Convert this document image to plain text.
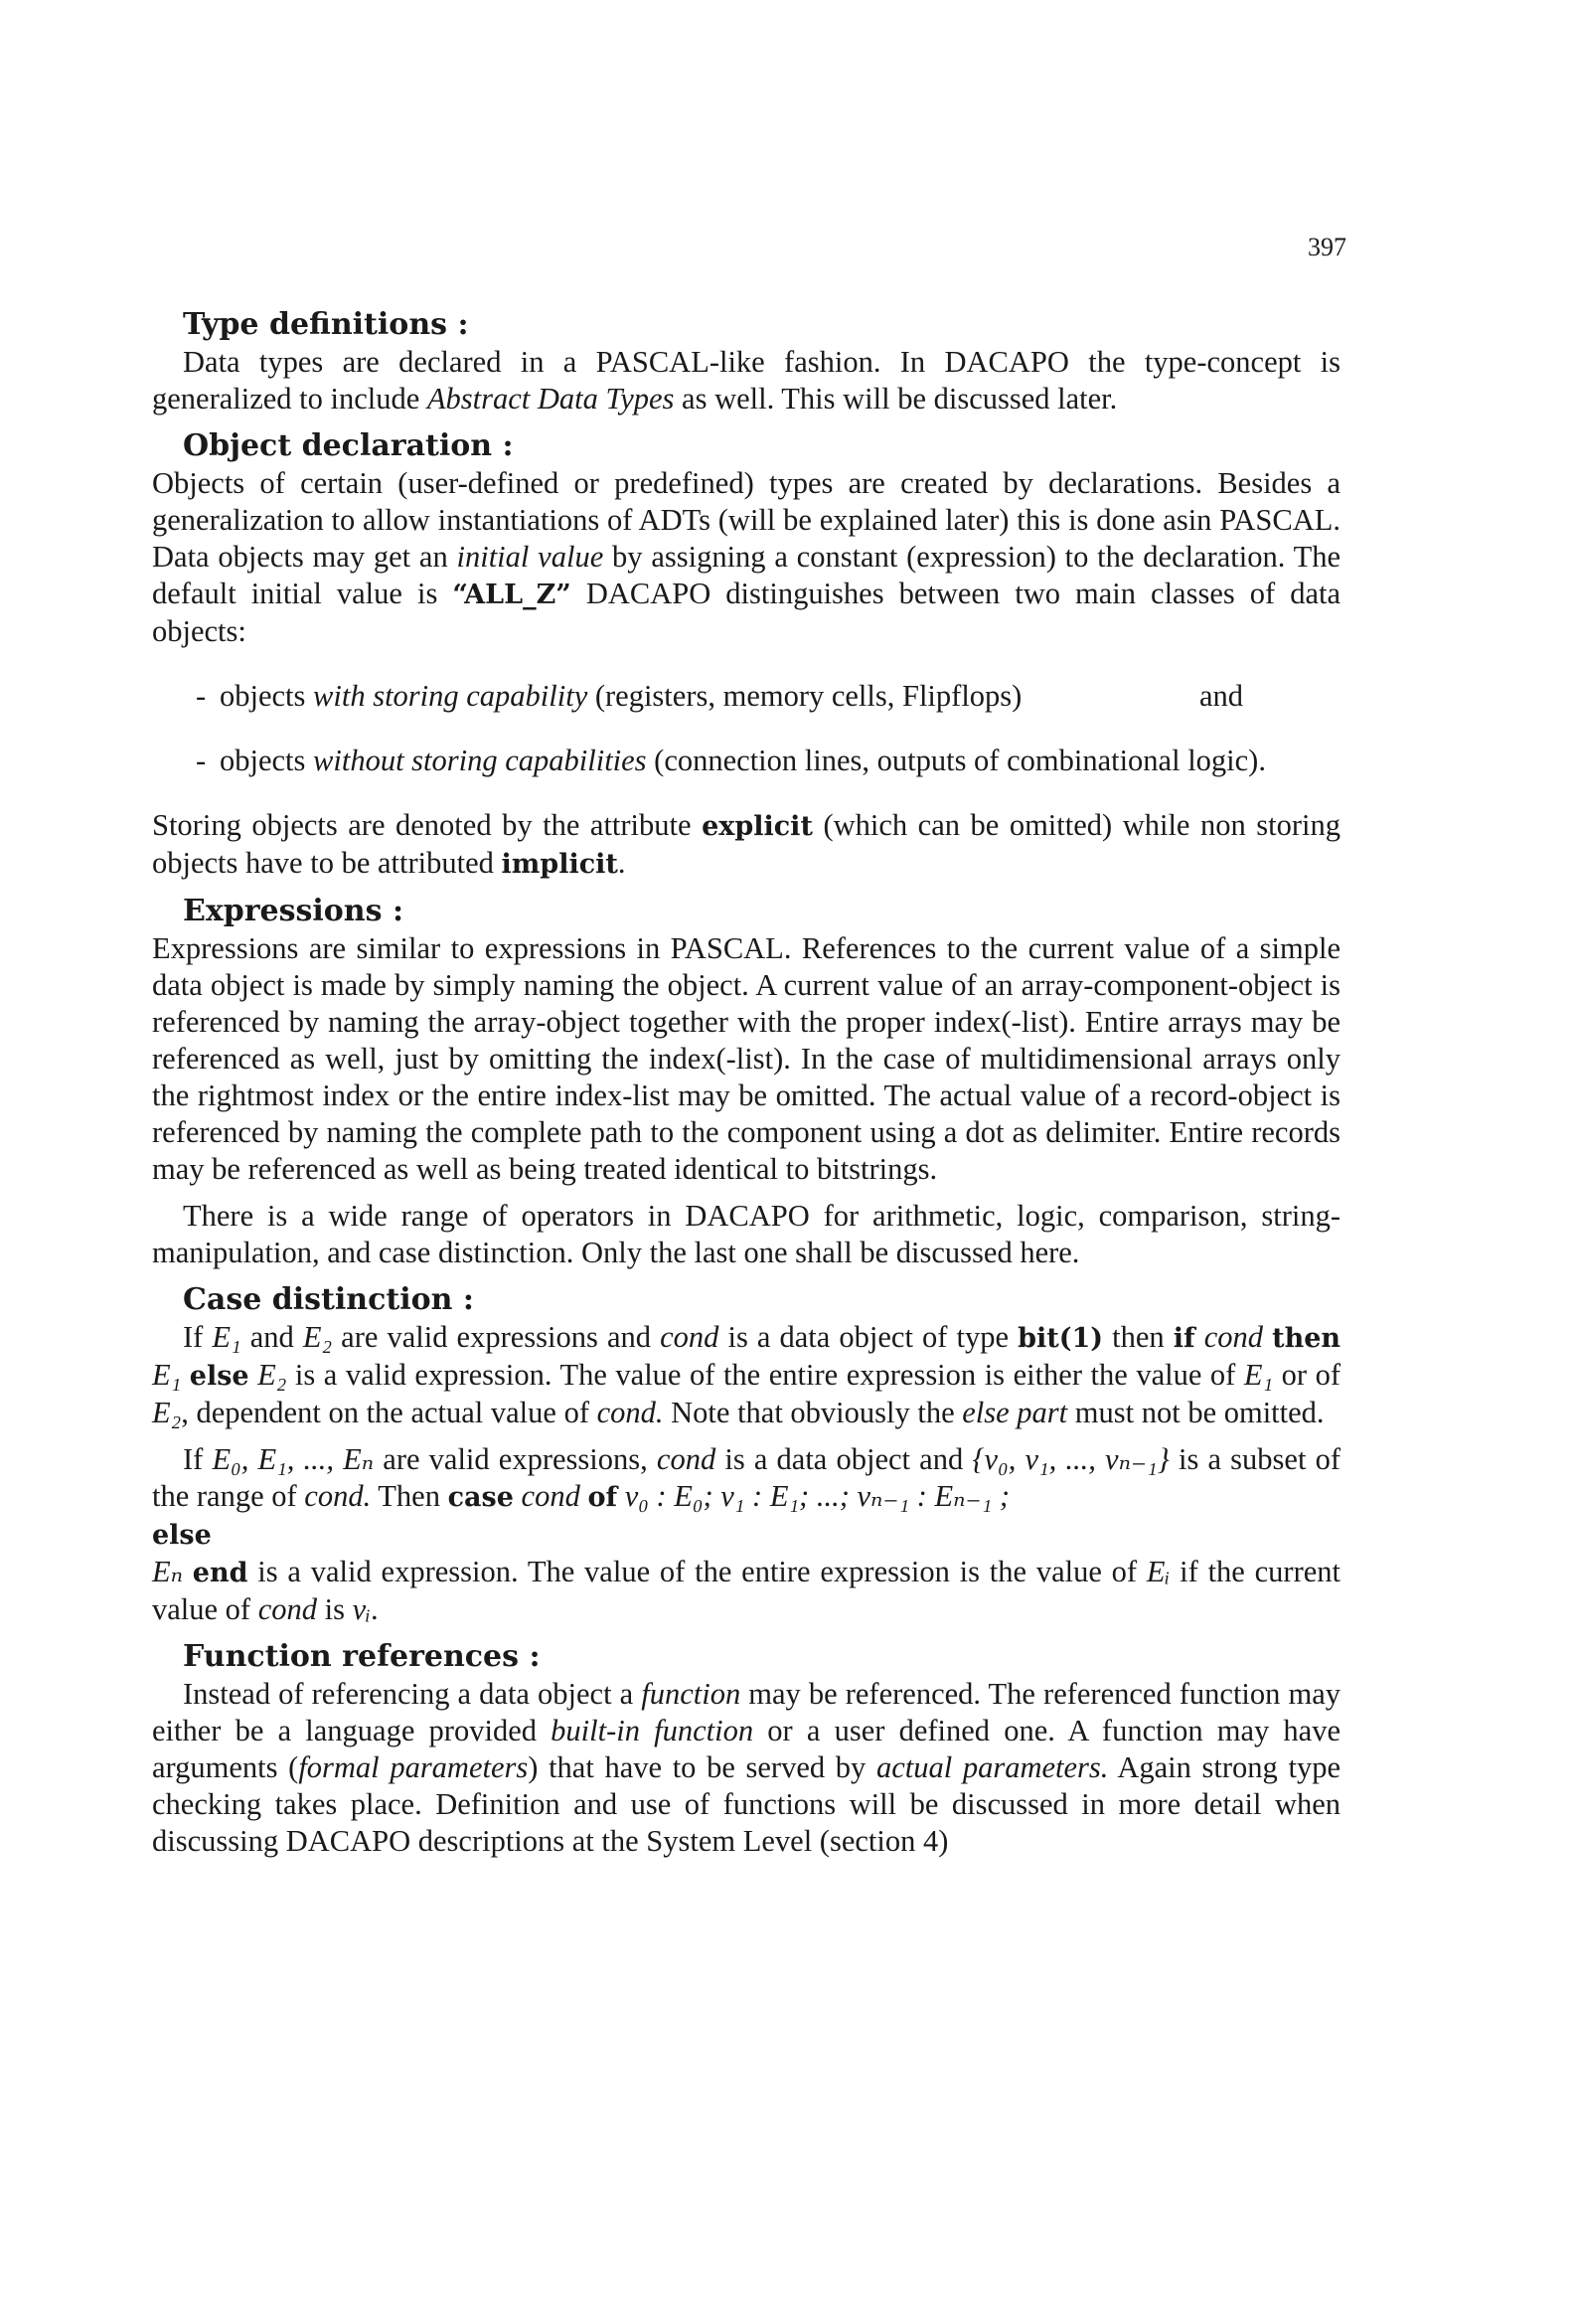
397
Type definitions :

Data types are declared in a PASCAL-like fashion. In DACAPO the type-concept is generalized to include Abstract Data Types as well. This will be discussed later.

Object declaration :

Objects of certain (user-defined or predefined) types are created by declarations. Besides a generalization to allow instantiations of ADTs (will be explained later) this is done asin PASCAL. Data objects may get an initial value by assigning a constant (expression) to the declaration. The default initial value is “ALL_Z” DACAPO distinguishes between two main classes of data objects:

- objects with storing capability (registers, memory cells, Flipflops)	and
- objects without storing capabilities (connection lines, outputs of combinational logic).

Storing objects are denoted by the attribute explicit (which can be omitted) while non storing objects have to be attributed implicit.

Expressions :

Expressions are similar to expressions in PASCAL. References to the current value of a simple data object is made by simply naming the object. A current value of an array-component-object is referenced by naming the array-object together with the proper index(-list). Entire arrays may be referenced as well, just by omitting the index(-list). In the case of multidimensional arrays only the rightmost index or the entire index-list may be omitted. The actual value of a record-object is referenced by naming the complete path to the component using a dot as delimiter. Entire records may be referenced as well as being treated identical to bitstrings.

There is a wide range of operators in DACAPO for arithmetic, logic, comparison, string-manipulation, and case distinction. Only the last one shall be discussed here.

Case distinction :

If E₁ and E₂ are valid expressions and cond is a data object of type bit(1) then if cond then E₁ else E₂ is a valid expression. The value of the entire expression is either the value of E₁ or of E₂, dependent on the actual value of cond. Note that obviously the else part must not be omitted.

If E₀, E₁, ..., Eₙ are valid expressions, cond is a data object and {v₀, v₁, ..., vₙ₋₁} is a subset of the range of cond. Then case cond of v₀ : E₀; v₁ : E₁; ...; vₙ₋₁ : Eₙ₋₁ ;
else
Eₙ end is a valid expression. The value of the entire expression is the value of Eᵢ if the current value of cond is vᵢ.

Function references :

Instead of referencing a data object a function may be referenced. The referenced function may either be a language provided built-in function or a user defined one. A function may have arguments (formal parameters) that have to be served by actual parameters. Again strong type checking takes place. Definition and use of functions will be discussed in more detail when discussing DACAPO descriptions at the System Level (section 4)
